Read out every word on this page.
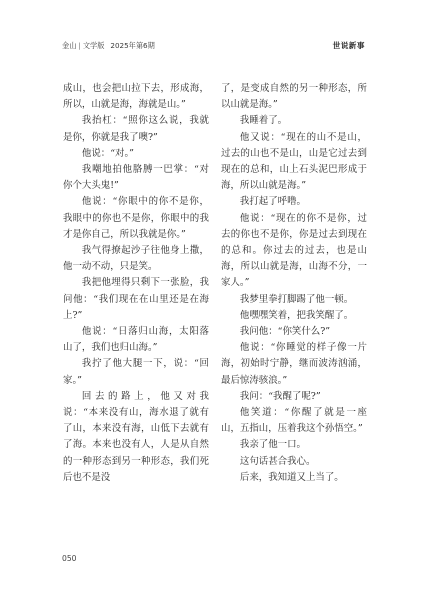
金山 | 文学版 2025年第6期	世说新事

成山，也会把山拉下去，形成海，所以，山就是海，海就是山。”

我抬杠：“照你这么说，我就是你，你就是我了噢?”

他说：“对。”

我嘲地拍他胳膊一巴掌：“对你个大头鬼!”

他说：“你眼中的你不是你，我眼中的你也不是你，你眼中的我才是你自己，所以我就是你。”

我气得撩起沙子往他身上撒，他一动不动，只是笑。

我把他埋得只剩下一张脸，我问他：“我们现在在山里还是在海上?”

他说：“日落归山海，太阳落山了，我们也归山海。”

我拧了他大腿一下，说：“回家。”

回去的路上，他又对我说：“本来没有山，海水退了就有了山，本来没有海，山低下去就有了海。本来也没有人，人是从自然的一种形态到另一种形态，我们死后也不是没

了，是变成自然的另一种形态，所以山就是海。”

我睡着了。

他又说：“现在的山不是山，过去的山也不是山，山是它过去到现在的总和，山上石头泥巴形成于海，所以山就是海。”

我打起了呼噜。

他说：“现在的你不是你，过去的你也不是你，你是过去到现在的总和。你过去的过去，也是山海，所以山就是海，山海不分，一家人。”

我梦里拳打脚踢了他一顿。

他嘿嘿笑着，把我笑醒了。

我问他：“你笑什么?”

他说：“你睡觉的样子像一片海，初始时宁静，继而波涛汹涌，最后惊涛骇浪。”

我问：“我醒了呢?”

他笑道：“你醒了就是一座山，五指山，压着我这个孙悟空。”

我亲了他一口。

这句话甚合我心。

后来，我知道又上当了。

050
